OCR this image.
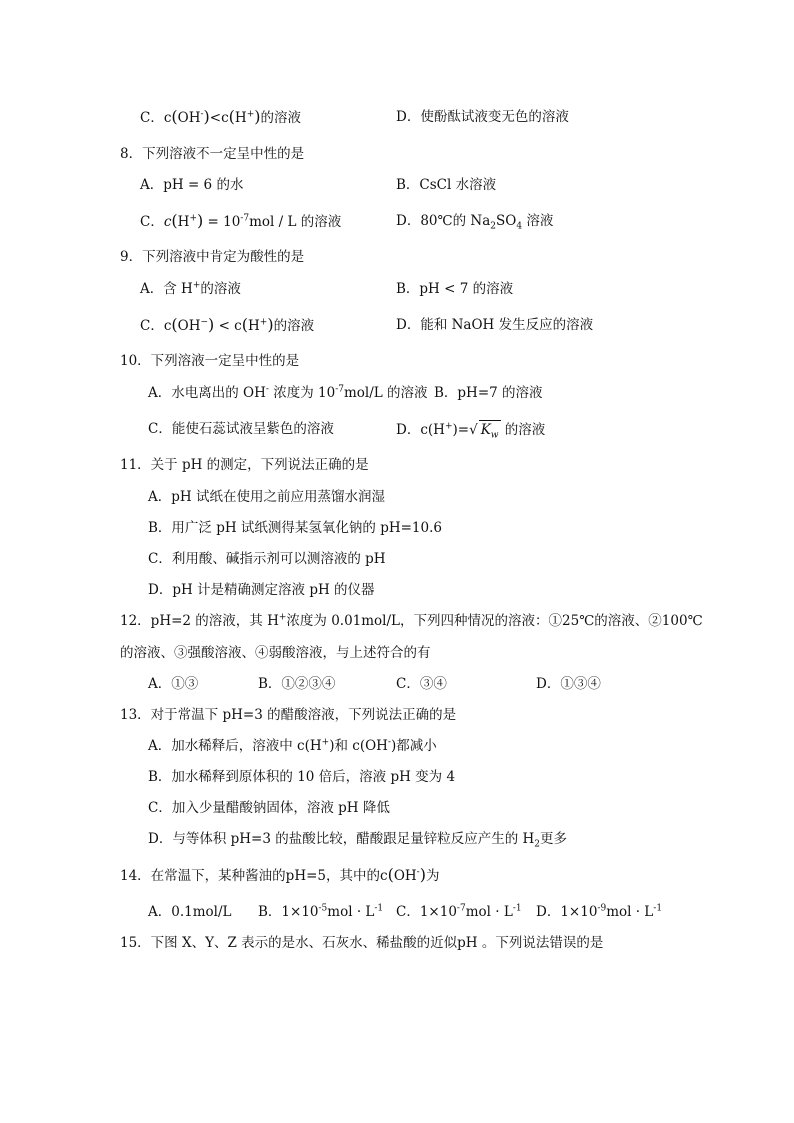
C．c(OH-)<c(H+)的溶液	D．使酚酞试液变无色的溶液
8．下列溶液不一定呈中性的是
A．pH = 6 的水	B．CsCl 水溶液
C．$c(H^+) = 10^{-7}mol / L$ 的溶液	D．80℃的 $Na_2SO_4$ 溶液
9．下列溶液中肯定为酸性的是
A．含 H+的溶液	B．pH < 7 的溶液
C．c(OH−) < c(H+)的溶液	D．能和 NaOH 发生反应的溶液
10．下列溶液一定呈中性的是
A．水电离出的 OH- 浓度为 $10^{-7}mol/L$ 的溶液 B．pH=7 的溶液
C．能使石蕊试液呈紫色的溶液	D．c(H+)=√ $K_w$ 的溶液
11．关于 pH 的测定，下列说法正确的是
A．pH 试纸在使用之前应用蒸馏水润湿
B．用广泛 pH 试纸测得某氢氧化钠的 pH=10.6
C．利用酸、碱指示剂可以测溶液的 pH
D．pH 计是精确测定溶液 pH 的仪器
12．pH=2 的溶液，其 H+浓度为 0.01mol/L，下列四种情况的溶液：①25℃的溶液、②100℃
的溶液、③强酸溶液、④弱酸溶液，与上述符合的有
A．①③	B．①②③④	C．③④	D．①③④
13．对于常温下 pH=3 的醋酸溶液，下列说法正确的是
A．加水稀释后，溶液中 c(H+)和 c(OH-)都减小
B．加水稀释到原体积的 10 倍后，溶液 pH 变为 4
C．加入少量醋酸钠固体，溶液 pH 降低
D．与等体积 pH=3 的盐酸比较，醋酸跟足量锌粒反应产生的 $H_2$更多
14．在常温下，某种酱油的pH=5，其中的c(OH-)为
A．0.1mol/L B．$1\times 10^{-5}mol \cdot L^{-1}$ C．$1\times 10^{-7}mol \cdot L^{-1}$ D．$1\times 10^{-9}mol \cdot L^{-1}$
15．下图 X、Y、Z 表示的是水、石灰水、稀盐酸的近似pH 。下列说法错误的是
